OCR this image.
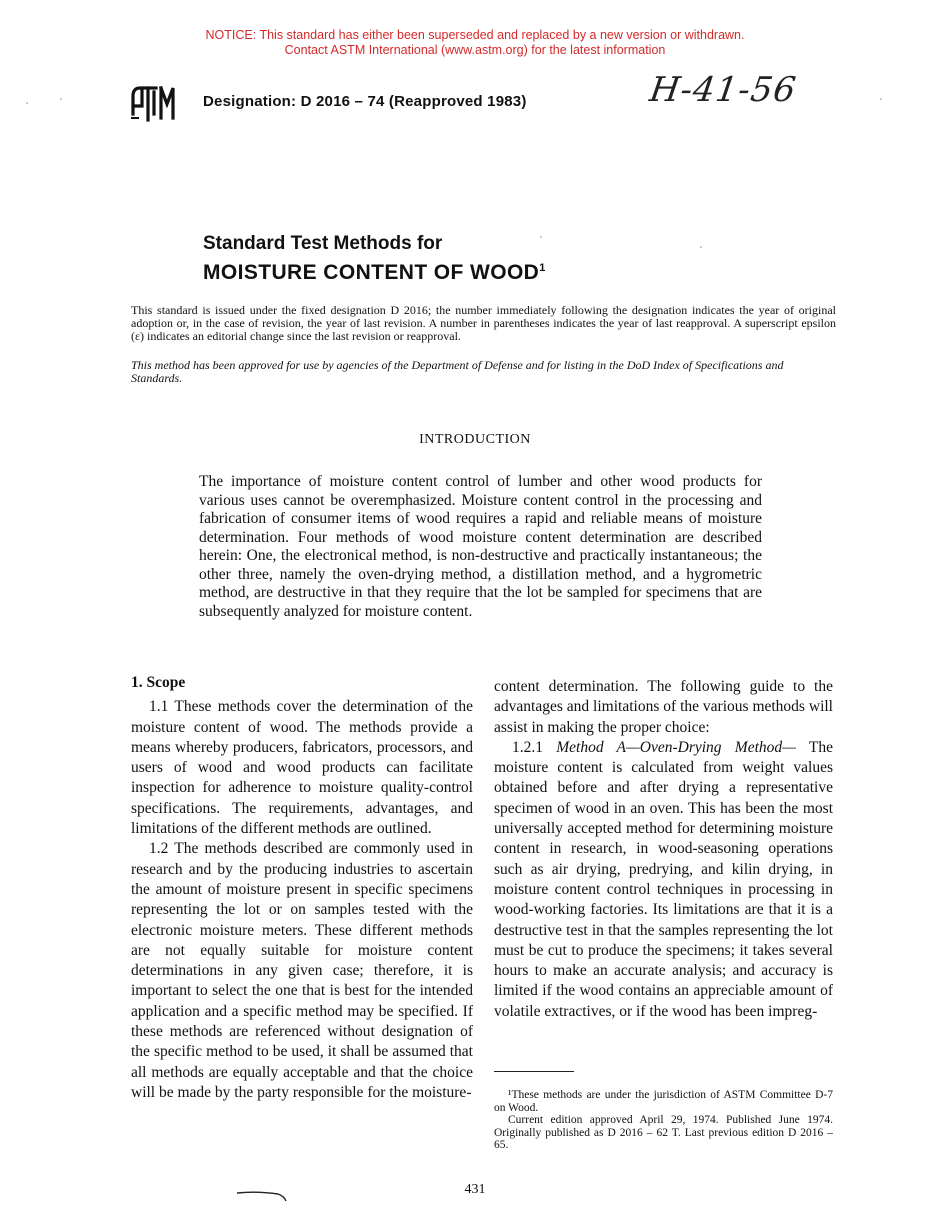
NOTICE: This standard has either been superseded and replaced by a new version or withdrawn.
Contact ASTM International (www.astm.org) for the latest information
Designation: D 2016 – 74 (Reapproved 1983)	H-41-56
Standard Test Methods for
MOISTURE CONTENT OF WOOD$^1$
This standard is issued under the fixed designation D 2016; the number immediately following the designation indicates the year of original adoption or, in the case of revision, the year of last revision. A number in parentheses indicates the year of last reapproval. A superscript epsilon (ε) indicates an editorial change since the last revision or reapproval.
This method has been approved for use by agencies of the Department of Defense and for listing in the DoD Index of Specifications and Standards.
INTRODUCTION
The importance of moisture content control of lumber and other wood products for various uses cannot be overemphasized. Moisture content control in the processing and fabrication of consumer items of wood requires a rapid and reliable means of moisture determination. Four methods of wood moisture content determination are described herein: One, the electronical method, is non-destructive and practically instantaneous; the other three, namely the oven-drying method, a distillation method, and a hygrometric method, are destructive in that they require that the lot be sampled for specimens that are subsequently analyzed for moisture content.

1. Scope

1.1 These methods cover the determination of the moisture content of wood. The methods provide a means whereby producers, fabricators, processors, and users of wood and wood products can facilitate inspection for adherence to moisture quality-control specifications. The requirements, advantages, and limitations of the different methods are outlined.

1.2 The methods described are commonly used in research and by the producing industries to ascertain the amount of moisture present in specific specimens representing the lot or on samples tested with the electronic moisture meters. These different methods are not equally suitable for moisture content determinations in any given case; therefore, it is important to select the one that is best for the intended application and a specific method may be specified. If these methods are referenced without designation of the specific method to be used, it shall be assumed that all methods are equally acceptable and that the choice will be made by the party responsible for the moisture-

content determination. The following guide to the advantages and limitations of the various methods will assist in making the proper choice:

1.2.1 Method A—Oven-Drying Method— The moisture content is calculated from weight values obtained before and after drying a representative specimen of wood in an oven. This has been the most universally accepted method for determining moisture content in research, in wood-seasoning operations such as air drying, predrying, and kilin drying, in moisture content control techniques in processing in wood-working factories. Its limitations are that it is a destructive test in that the samples representing the lot must be cut to produce the specimens; it takes several hours to make an accurate analysis; and accuracy is limited if the wood contains an appreciable amount of volatile extractives, or if the wood has been impreg-

¹These methods are under the jurisdiction of ASTM Committee D-7 on Wood.

Current edition approved April 29, 1974. Published June 1974. Originally published as D 2016 – 62 T. Last previous edition D 2016 – 65.

431
